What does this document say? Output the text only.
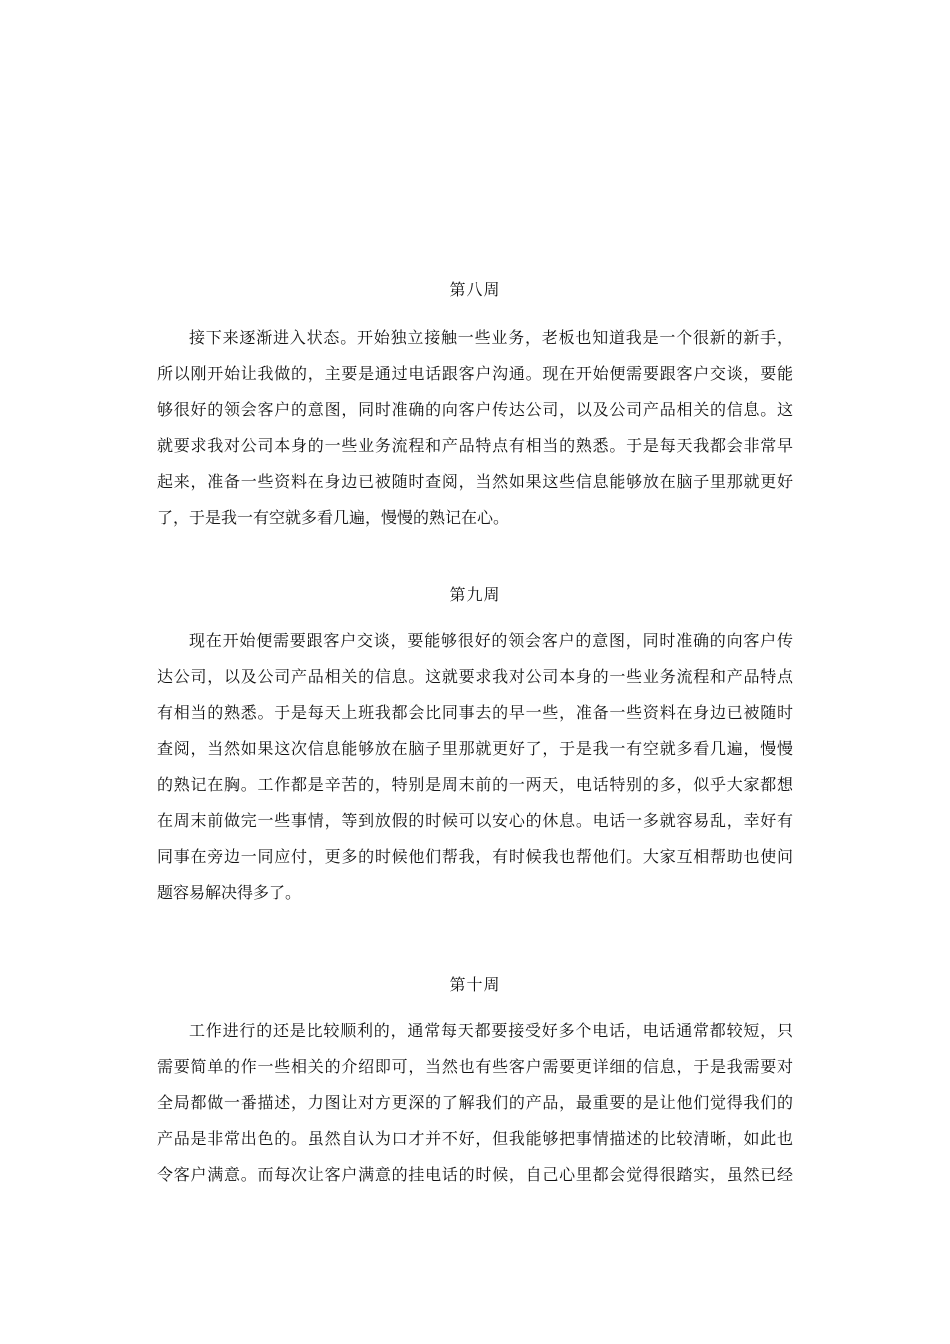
第八周
接下来逐渐进入状态。开始独立接触一些业务，老板也知道我是一个很新的新手，
所以刚开始让我做的，主要是通过电话跟客户沟通。现在开始便需要跟客户交谈，要能
够很好的领会客户的意图，同时准确的向客户传达公司，以及公司产品相关的信息。这
就要求我对公司本身的一些业务流程和产品特点有相当的熟悉。于是每天我都会非常早
起来，准备一些资料在身边已被随时查阅，当然如果这些信息能够放在脑子里那就更好
了，于是我一有空就多看几遍，慢慢的熟记在心。
第九周
现在开始便需要跟客户交谈，要能够很好的领会客户的意图，同时准确的向客户传
达公司，以及公司产品相关的信息。这就要求我对公司本身的一些业务流程和产品特点
有相当的熟悉。于是每天上班我都会比同事去的早一些，准备一些资料在身边已被随时
查阅，当然如果这次信息能够放在脑子里那就更好了，于是我一有空就多看几遍，慢慢
的熟记在胸。工作都是辛苦的，特别是周末前的一两天，电话特别的多，似乎大家都想
在周末前做完一些事情，等到放假的时候可以安心的休息。电话一多就容易乱，幸好有
同事在旁边一同应付，更多的时候他们帮我，有时候我也帮他们。大家互相帮助也使问
题容易解决得多了。
第十周
工作进行的还是比较顺利的，通常每天都要接受好多个电话，电话通常都较短，只
需要简单的作一些相关的介绍即可，当然也有些客户需要更详细的信息，于是我需要对
全局都做一番描述，力图让对方更深的了解我们的产品，最重要的是让他们觉得我们的
产品是非常出色的。虽然自认为口才并不好，但我能够把事情描述的比较清晰，如此也
令客户满意。而每次让客户满意的挂电话的时候，自己心里都会觉得很踏实，虽然已经
